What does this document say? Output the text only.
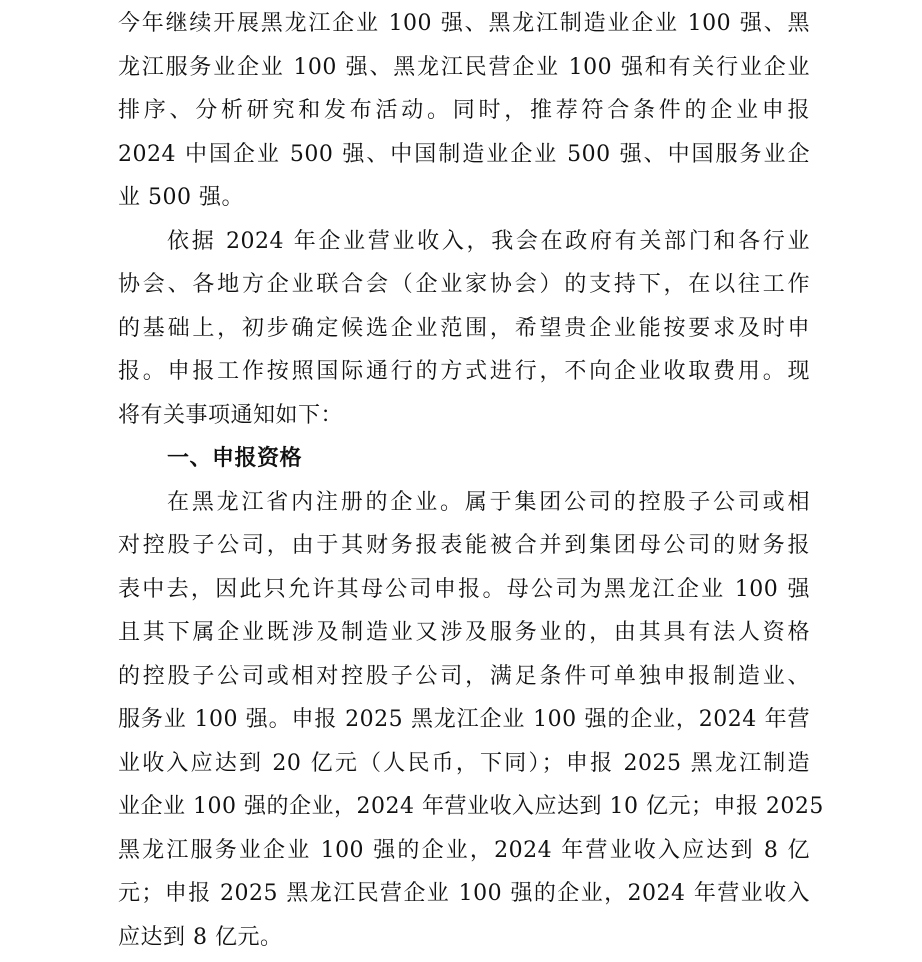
今年继续开展黑龙江企业 100 强、黑龙江制造业企业 100 强、黑
龙江服务业企业 100 强、黑龙江民营企业 100 强和有关行业企业
排序、分析研究和发布活动。同时，推荐符合条件的企业申报
2024 中国企业 500 强、中国制造业企业 500 强、中国服务业企
业 500 强。
依据 2024 年企业营业收入，我会在政府有关部门和各行业
协会、各地方企业联合会（企业家协会）的支持下，在以往工作
的基础上，初步确定候选企业范围，希望贵企业能按要求及时申
报。申报工作按照国际通行的方式进行，不向企业收取费用。现
将有关事项通知如下：
一、申报资格
在黑龙江省内注册的企业。属于集团公司的控股子公司或相
对控股子公司，由于其财务报表能被合并到集团母公司的财务报
表中去，因此只允许其母公司申报。母公司为黑龙江企业 100 强
且其下属企业既涉及制造业又涉及服务业的，由其具有法人资格
的控股子公司或相对控股子公司，满足条件可单独申报制造业、
服务业 100 强。申报 2025 黑龙江企业 100 强的企业，2024 年营
业收入应达到 20 亿元（人民币，下同）；申报 2025 黑龙江制造
业企业 100 强的企业，2024 年营业收入应达到 10 亿元；申报 2025
黑龙江服务业企业 100 强的企业，2024 年营业收入应达到 8 亿
元；申报 2025 黑龙江民营企业 100 强的企业，2024 年营业收入
应达到 8 亿元。
